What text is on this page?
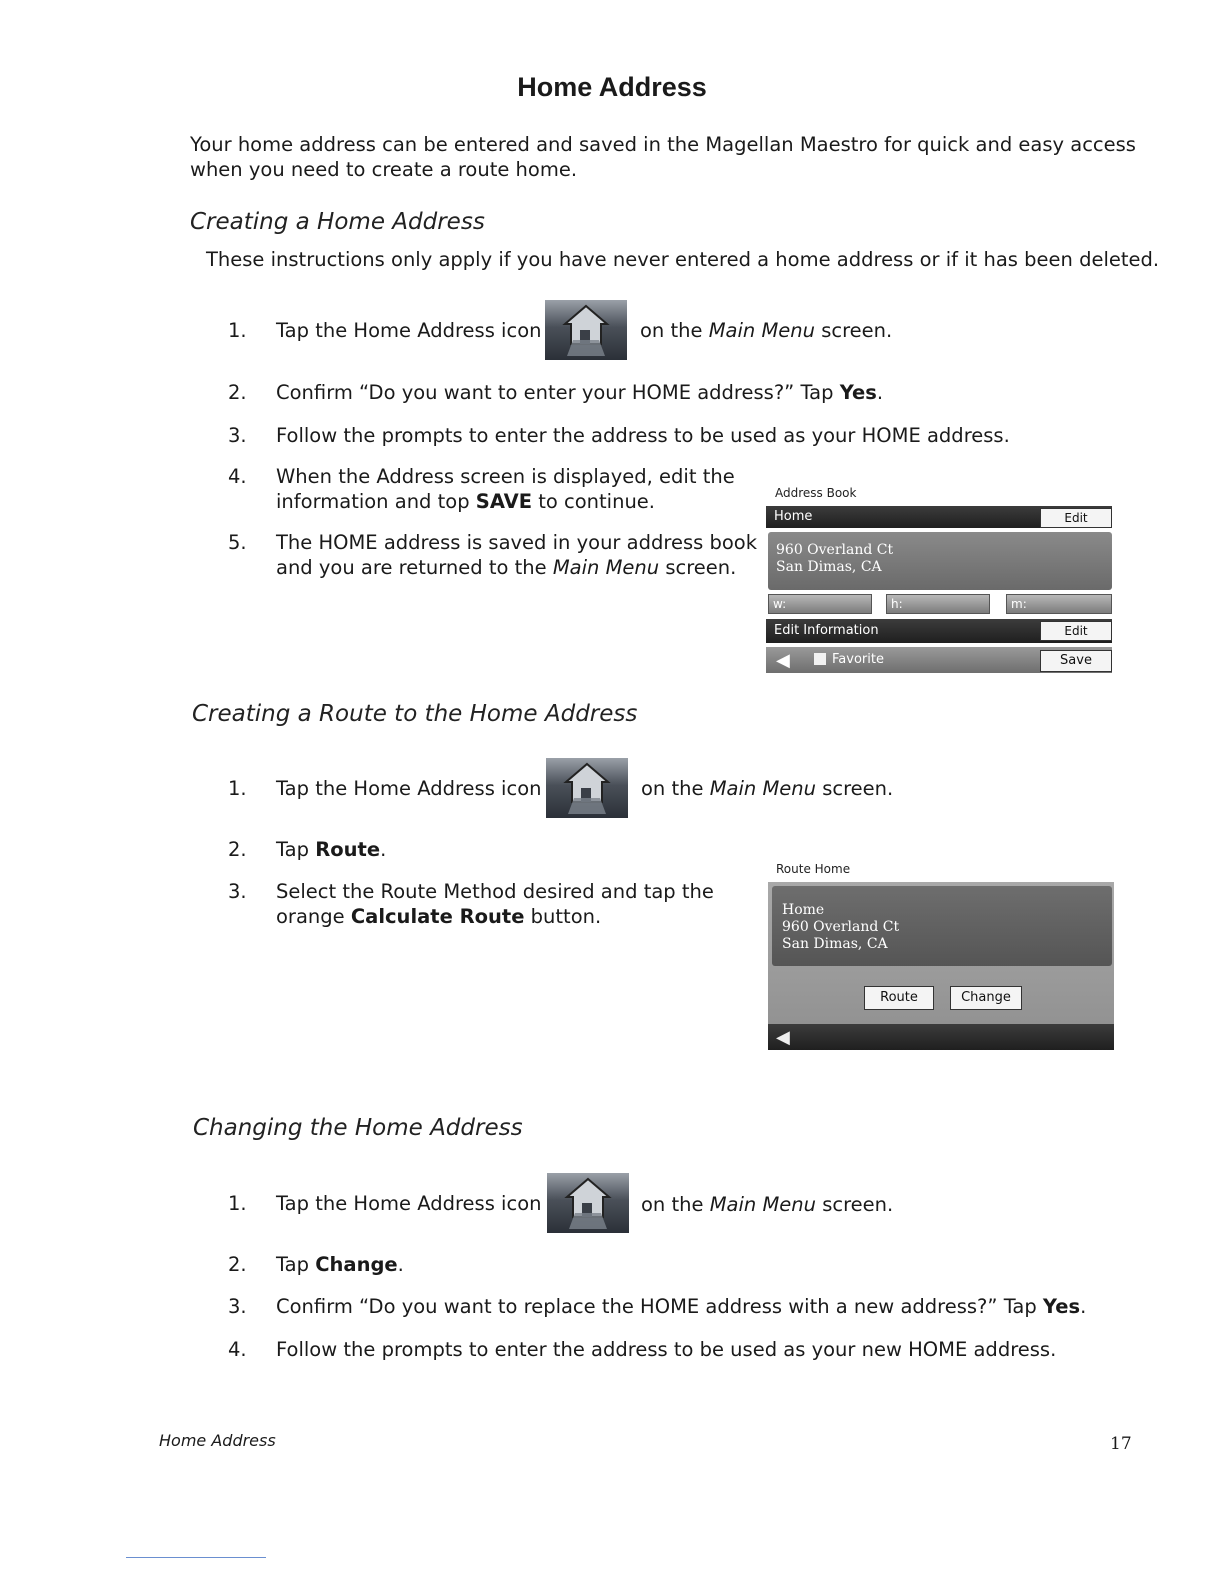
Home Address
Your home address can be entered and saved in the Magellan Maestro for quick and easy access when you need to create a route home.
Creating a Home Address
These instructions only apply if you have never entered a home address or if it has been deleted.
1. Tap the Home Address icon	on the Main Menu screen.
2. Confirm “Do you want to enter your HOME address?” Tap Yes.
3. Follow the prompts to enter the address to be used as your HOME address.
4. When the Address screen is displayed, edit the
information and top SAVE to continue.
5. The HOME address is saved in your address book
and you are returned to the Main Menu screen.
Address Book
Home	Edit
960 Overland Ct
San Dimas, CA
w:	h:	m:
Edit Information	Edit
◀	Favorite	Save
Creating a Route to the Home Address
1. Tap the Home Address icon	on the Main Menu screen.
2. Tap Route.
3. Select the Route Method desired and tap the
orange Calculate Route button.
Route Home
Home
960 Overland Ct
San Dimas, CA
Route	Change
◀
Changing the Home Address
1. Tap the Home Address icon	on the Main Menu screen.
2. Tap Change.
3. Confirm “Do you want to replace the HOME address with a new address?” Tap Yes.
4. Follow the prompts to enter the address to be used as your new HOME address.
Home Address	17
